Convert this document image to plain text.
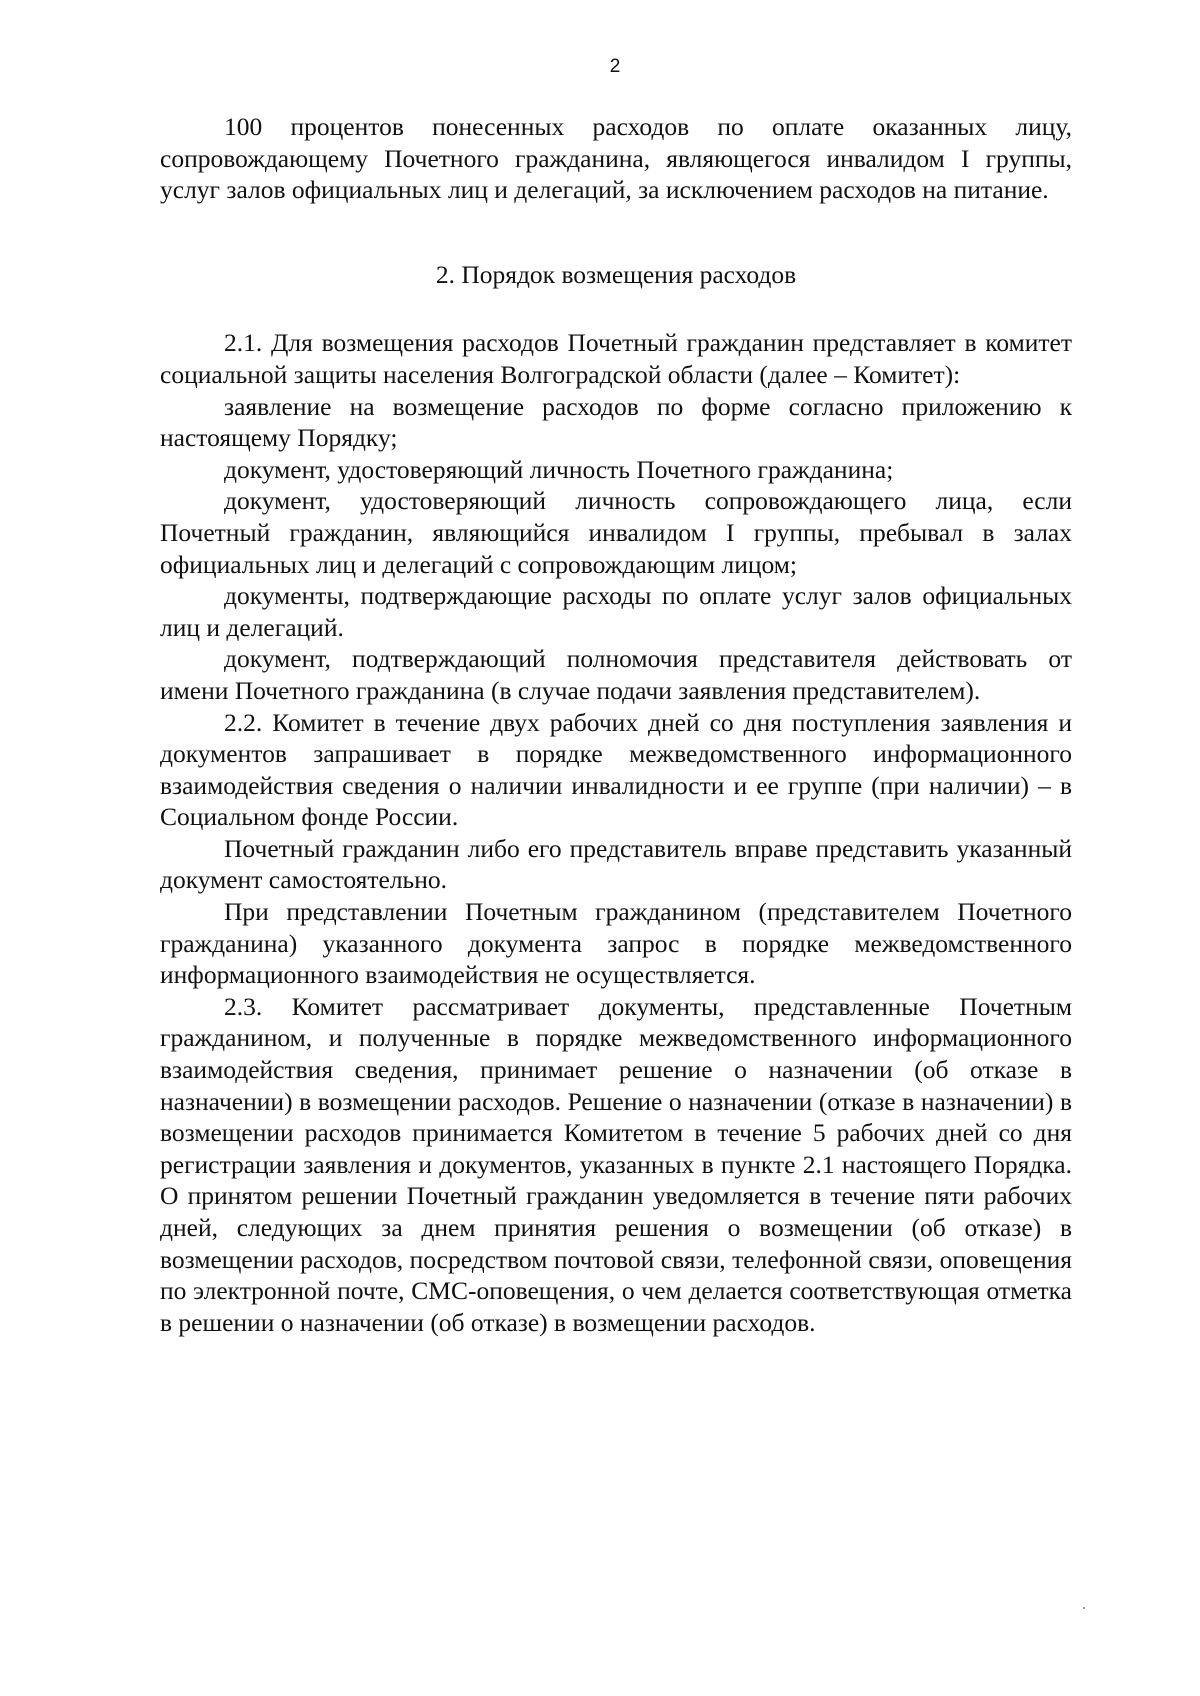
2

100 процентов понесенных расходов по оплате оказанных лицу, сопровождающему Почетного гражданина, являющегося инвалидом I группы, услуг залов официальных лиц и делегаций, за исключением расходов на питание.

2. Порядок возмещения расходов

2.1. Для возмещения расходов Почетный гражданин представляет в комитет социальной защиты населения Волгоградской области (далее – Комитет):

заявление на возмещение расходов по форме согласно приложению к настоящему Порядку;

документ, удостоверяющий личность Почетного гражданина;

документ, удостоверяющий личность сопровождающего лица, если Почетный гражданин, являющийся инвалидом I группы, пребывал в залах официальных лиц и делегаций с сопровождающим лицом;

документы, подтверждающие расходы по оплате услуг залов официальных лиц и делегаций.

документ, подтверждающий полномочия представителя действовать от имени Почетного гражданина (в случае подачи заявления представителем).

2.2. Комитет в течение двух рабочих дней со дня поступления заявления и документов запрашивает в порядке межведомственного информационного взаимодействия сведения о наличии инвалидности и ее группе (при наличии) – в Социальном фонде России.

Почетный гражданин либо его представитель вправе представить указанный документ самостоятельно.

При представлении Почетным гражданином (представителем Почетного гражданина) указанного документа запрос в порядке межведомственного информационного взаимодействия не осуществляется.

2.3. Комитет рассматривает документы, представленные Почетным гражданином, и полученные в порядке межведомственного информационного взаимодействия сведения, принимает решение о назначении (об отказе в назначении) в возмещении расходов. Решение о назначении (отказе в назначении) в возмещении расходов принимается Комитетом в течение 5 рабочих дней со дня регистрации заявления и документов, указанных в пункте 2.1 настоящего Порядка. О принятом решении Почетный гражданин уведомляется в течение пяти рабочих дней, следующих за днем принятия решения о возмещении (об отказе) в возмещении расходов, посредством почтовой связи, телефонной связи, оповещения по электронной почте, СМС-оповещения, о чем делается соответствующая отметка в решении о назначении (об отказе) в возмещении расходов.
